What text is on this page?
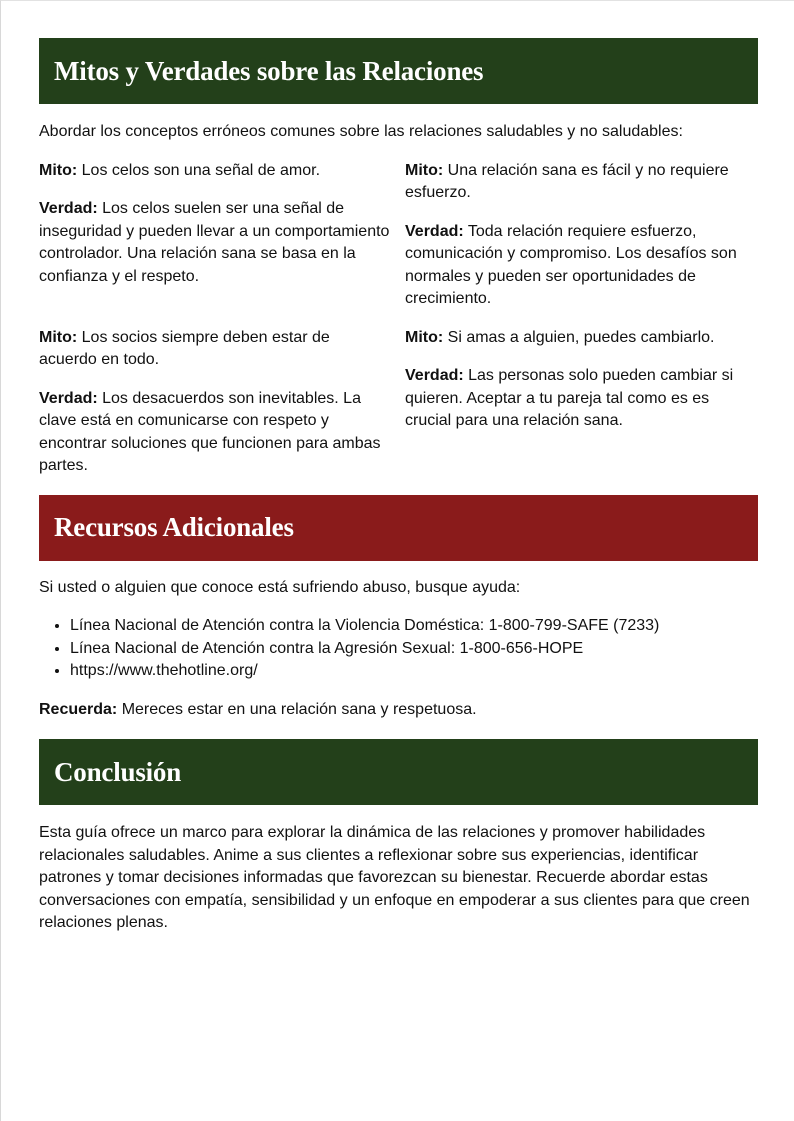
Mitos y Verdades sobre las Relaciones

Abordar los conceptos erróneos comunes sobre las relaciones saludables y no saludables:

Mito: Los celos son una señal de amor.

Verdad: Los celos suelen ser una señal de inseguridad y pueden llevar a un comportamiento controlador. Una relación sana se basa en la confianza y el respeto.

Mito: Una relación sana es fácil y no requiere esfuerzo.

Verdad: Toda relación requiere esfuerzo, comunicación y compromiso. Los desafíos son normales y pueden ser oportunidades de crecimiento.

Mito: Los socios siempre deben estar de acuerdo en todo.

Verdad: Los desacuerdos son inevitables. La clave está en comunicarse con respeto y encontrar soluciones que funcionen para ambas partes.

Mito: Si amas a alguien, puedes cambiarlo.

Verdad: Las personas solo pueden cambiar si quieren. Aceptar a tu pareja tal como es es crucial para una relación sana.

Recursos Adicionales

Si usted o alguien que conoce está sufriendo abuso, busque ayuda:

• Línea Nacional de Atención contra la Violencia Doméstica: 1-800-799-SAFE (7233)
• Línea Nacional de Atención contra la Agresión Sexual: 1-800-656-HOPE
• https://www.thehotline.org/

Recuerda: Mereces estar en una relación sana y respetuosa.

Conclusión

Esta guía ofrece un marco para explorar la dinámica de las relaciones y promover habilidades relacionales saludables. Anime a sus clientes a reflexionar sobre sus experiencias, identificar patrones y tomar decisiones informadas que favorezcan su bienestar. Recuerde abordar estas conversaciones con empatía, sensibilidad y un enfoque en empoderar a sus clientes para que creen relaciones plenas.
